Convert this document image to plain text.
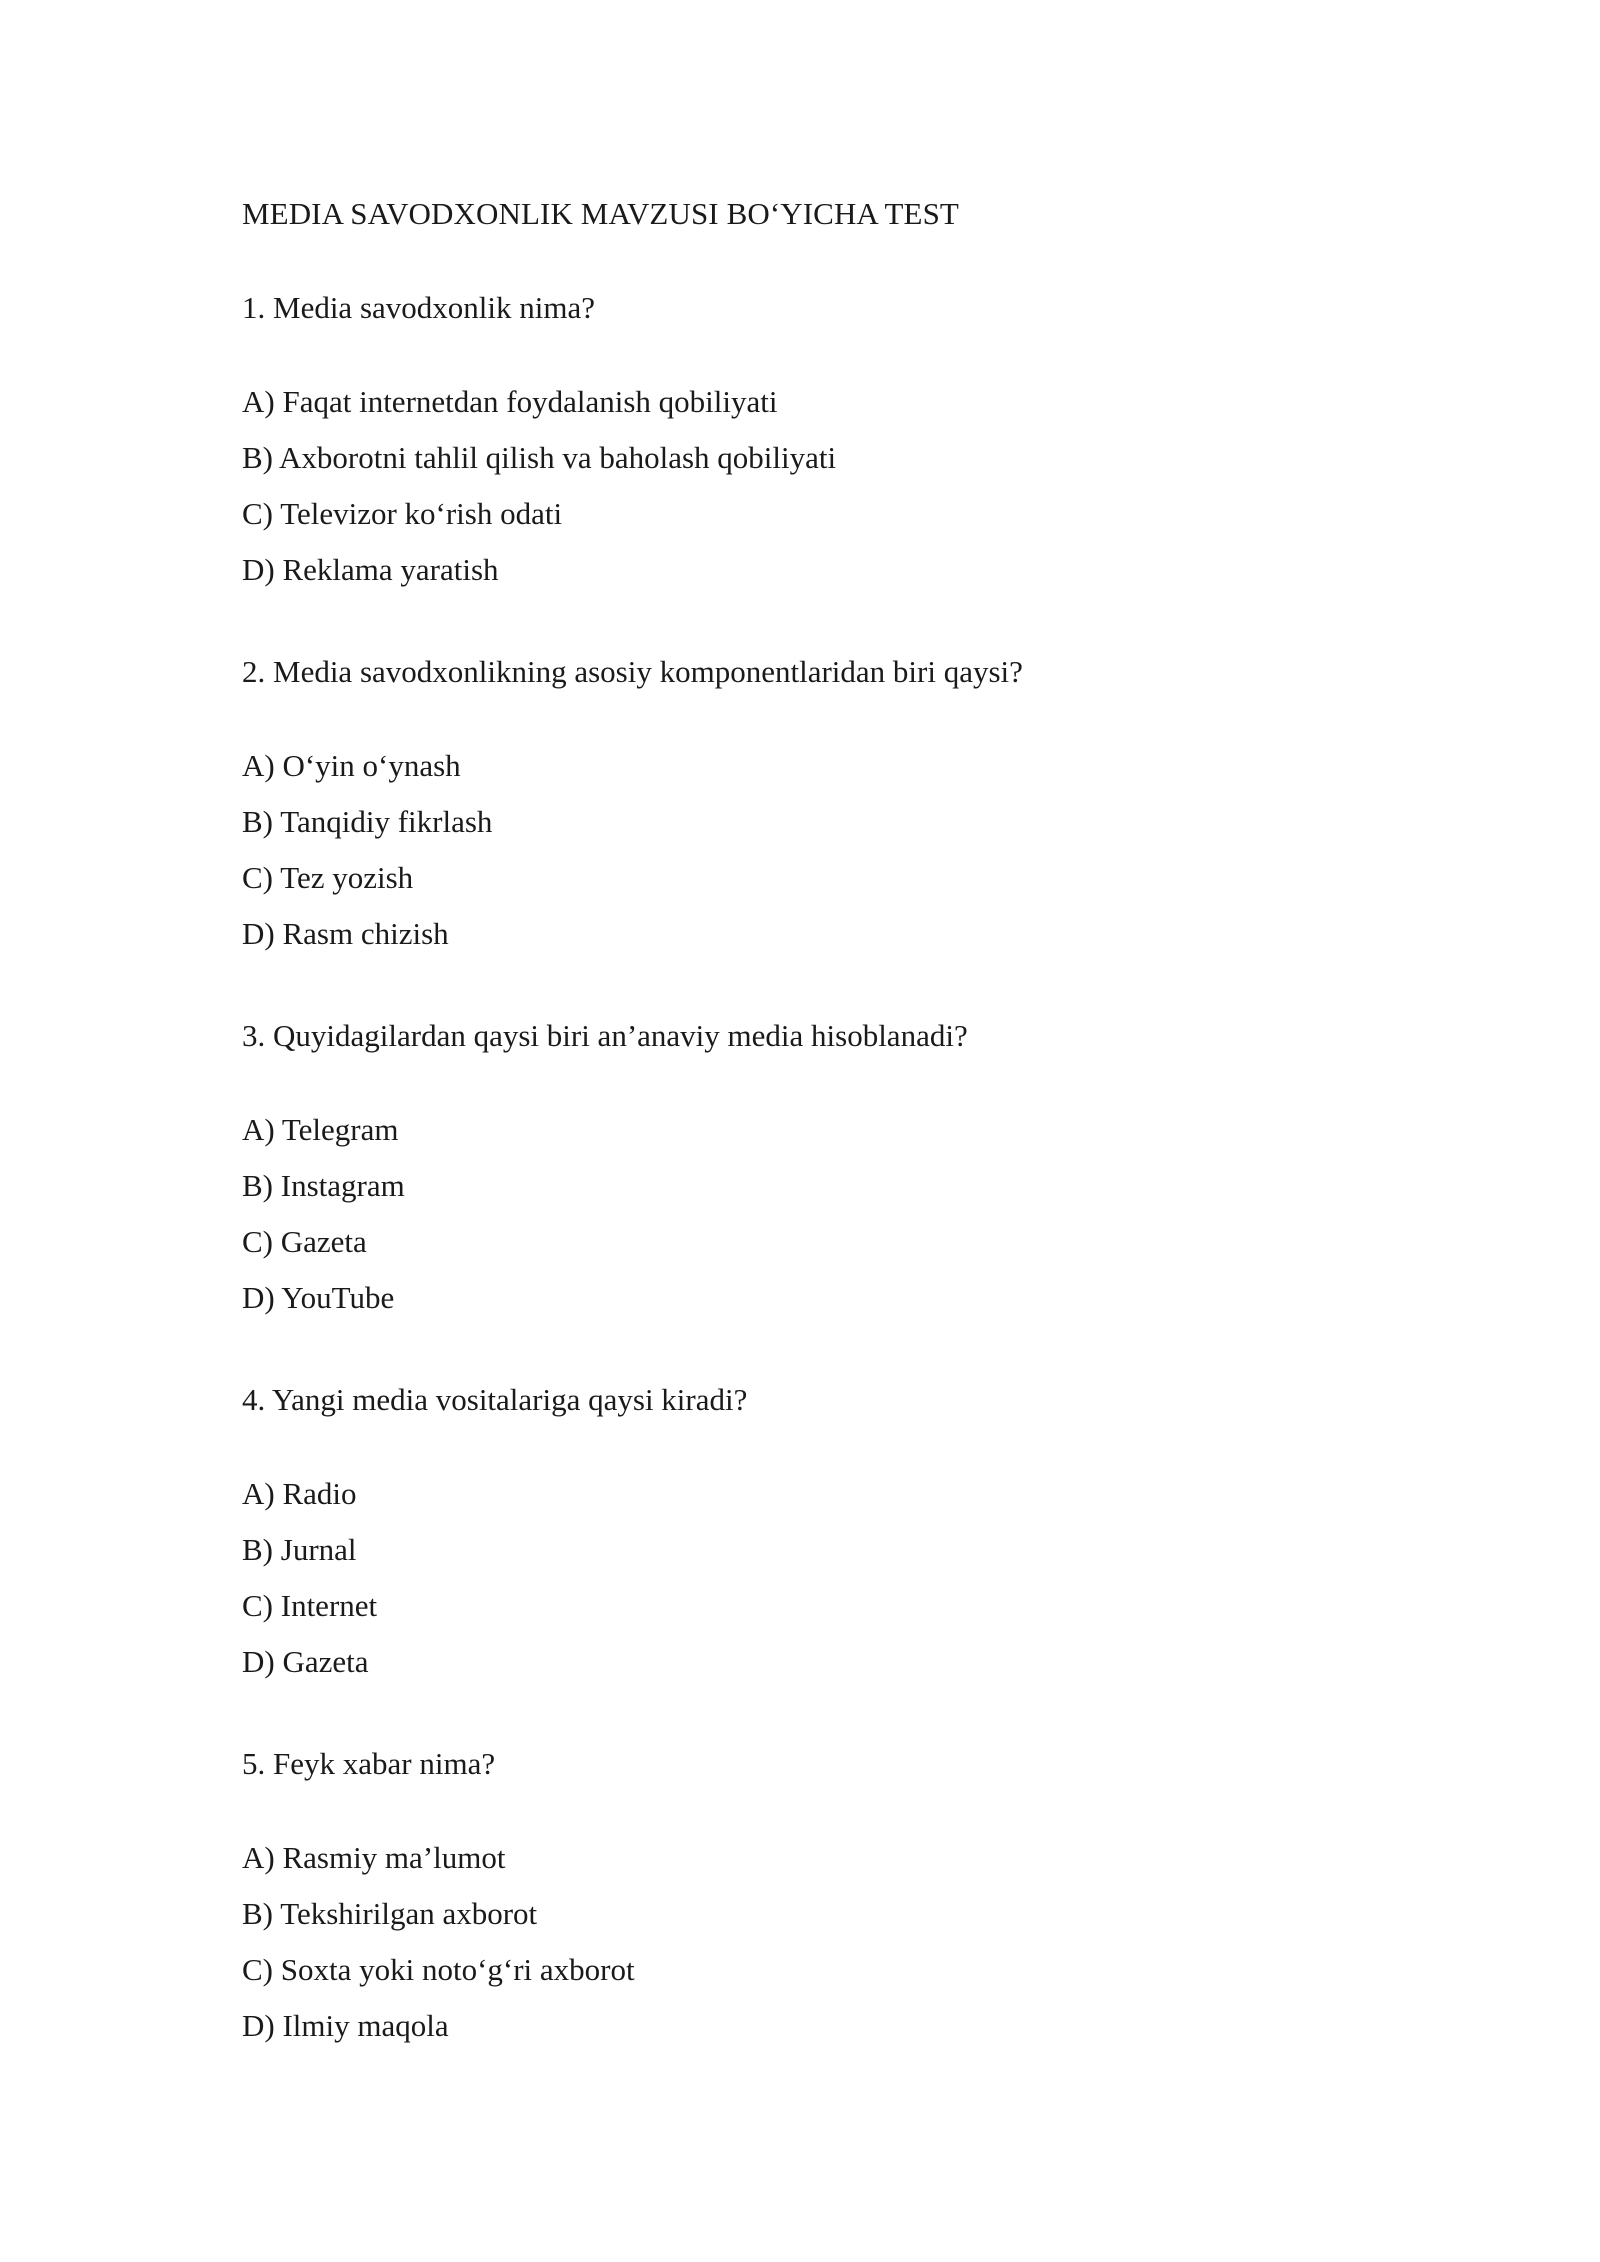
MEDIA SAVODXONLIK MAVZUSI BO‘YICHA TEST
1. Media savodxonlik nima?
A) Faqat internetdan foydalanish qobiliyati
B) Axborotni tahlil qilish va baholash qobiliyati
C) Televizor ko‘rish odati
D) Reklama yaratish
2. Media savodxonlikning asosiy komponentlaridan biri qaysi?
A) O‘yin o‘ynash
B) Tanqidiy fikrlash
C) Tez yozish
D) Rasm chizish
3. Quyidagilardan qaysi biri an’anaviy media hisoblanadi?
A) Telegram
B) Instagram
C) Gazeta
D) YouTube
4. Yangi media vositalariga qaysi kiradi?
A) Radio
B) Jurnal
C) Internet
D) Gazeta
5. Feyk xabar nima?
A) Rasmiy ma’lumot
B) Tekshirilgan axborot
C) Soxta yoki noto‘g‘ri axborot
D) Ilmiy maqola
